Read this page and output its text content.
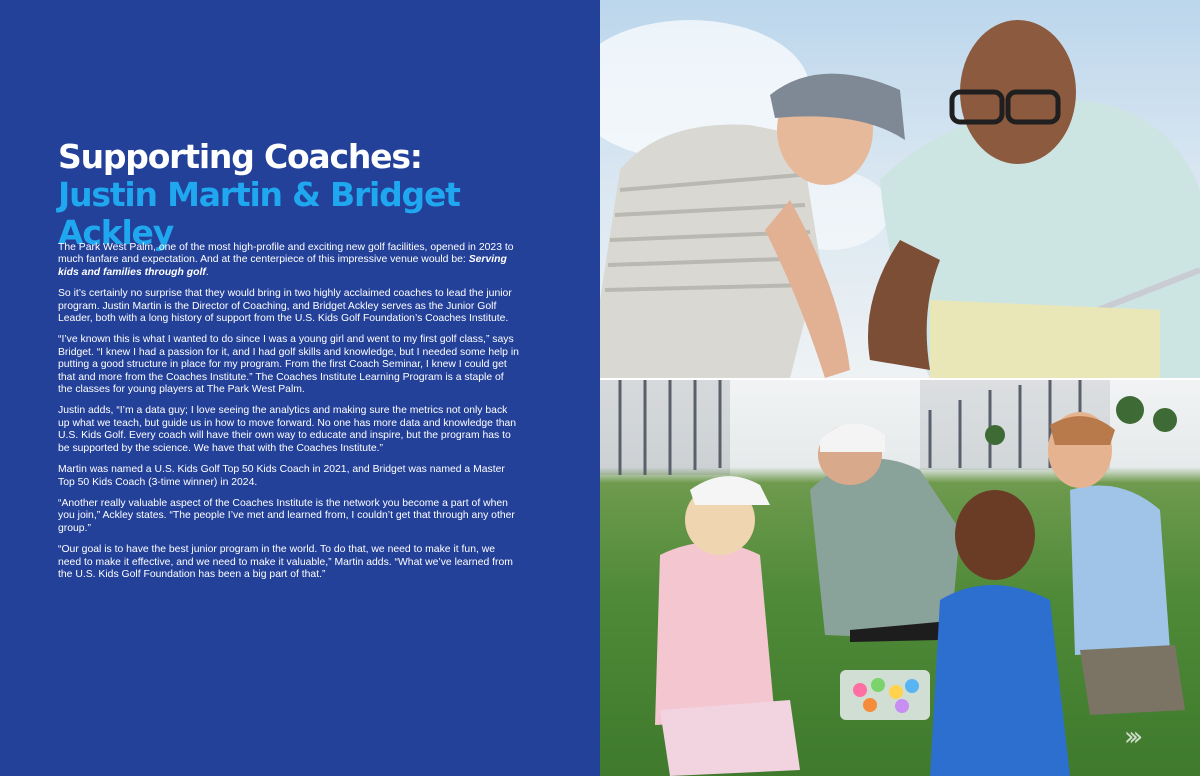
Supporting Coaches:
Justin Martin & Bridget Ackley

The Park West Palm, one of the most high-profile and exciting new golf facilities, opened in 2023 to much fanfare and expectation. And at the centerpiece of this impressive venue would be: Serving kids and families through golf.

So it’s certainly no surprise that they would bring in two highly acclaimed coaches to lead the junior program. Justin Martin is the Director of Coaching, and Bridget Ackley serves as the Junior Golf Leader, both with a long history of support from the U.S. Kids Golf Foundation’s Coaches Institute.

“I’ve known this is what I wanted to do since I was a young girl and went to my first golf class,” says Bridget. “I knew I had a passion for it, and I had golf skills and knowledge, but I needed some help in putting a good structure in place for my program. From the first Coach Seminar, I knew I could get that and more from the Coaches Institute.” The Coaches Institute Learning Program is a staple of the classes for young players at The Park West Palm.

Justin adds, “I’m a data guy; I love seeing the analytics and making sure the metrics not only back up what we teach, but guide us in how to move forward. No one has more data and knowledge than U.S. Kids Golf. Every coach will have their own way to educate and inspire, but the program has to be supported by the science. We have that with the Coaches Institute.”

Martin was named a U.S. Kids Golf Top 50 Kids Coach in 2021, and Bridget was named a Master Top 50 Kids Coach (3-time winner) in 2024.

“Another really valuable aspect of the Coaches Institute is the network you become a part of when you join,” Ackley states. “The people I’ve met and learned from, I couldn’t get that through any other group.”

“Our goal is to have the best junior program in the world. To do that, we need to make it fun, we need to make it effective, and we need to make it valuable,” Martin adds. “What we’ve learned from the U.S. Kids Golf Foundation has been a big part of that.”

›››
